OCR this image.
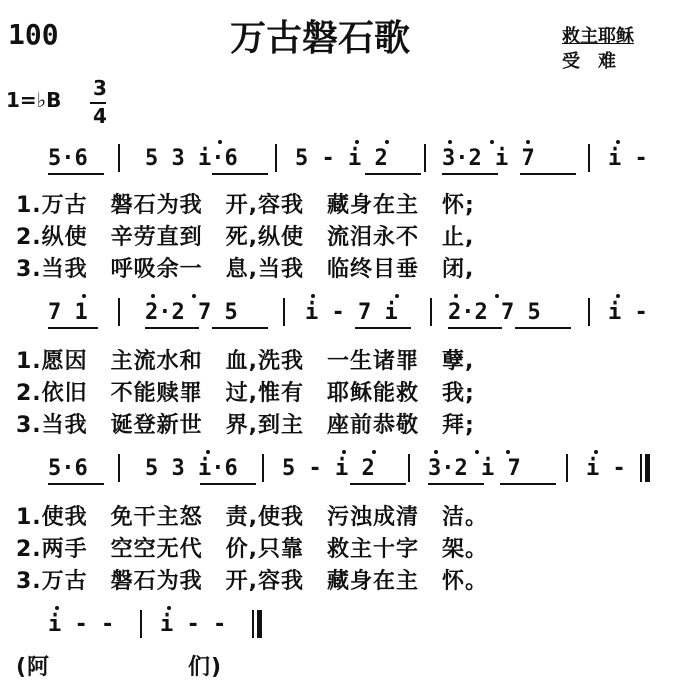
100	万古磐石歌	救主耶稣
受　难
1=♭B 3
4
5·6	5 3 i·6	5 - i 2 3·2 i 7	i -
1.万古　磐石为我　开,容我　藏身在主　怀;
2.纵使　辛劳直到　死,纵使　流泪永不　止,
3.当我　呼吸余一　息,当我　临终目垂　闭,
7 1	2·2 7 5	i - 7 i 2·2 7 5	i -
1.愿因　主流水和　血,洗我　一生诸罪　孽,
2.依旧　不能赎罪　过,惟有　耶稣能救　我;
3.当我　诞登新世　界,到主　座前恭敬　拜;
5·6	5 3 i·6 5 - i 2 3·2 i 7	i -
1.使我　免干主怒　责,使我　污浊成清　洁。
2.两手　空空无代　价,只靠　救主十字　架。
3.万古　磐石为我　开,容我　藏身在主　怀。
i - - i - -
(阿　　　　　　们)
